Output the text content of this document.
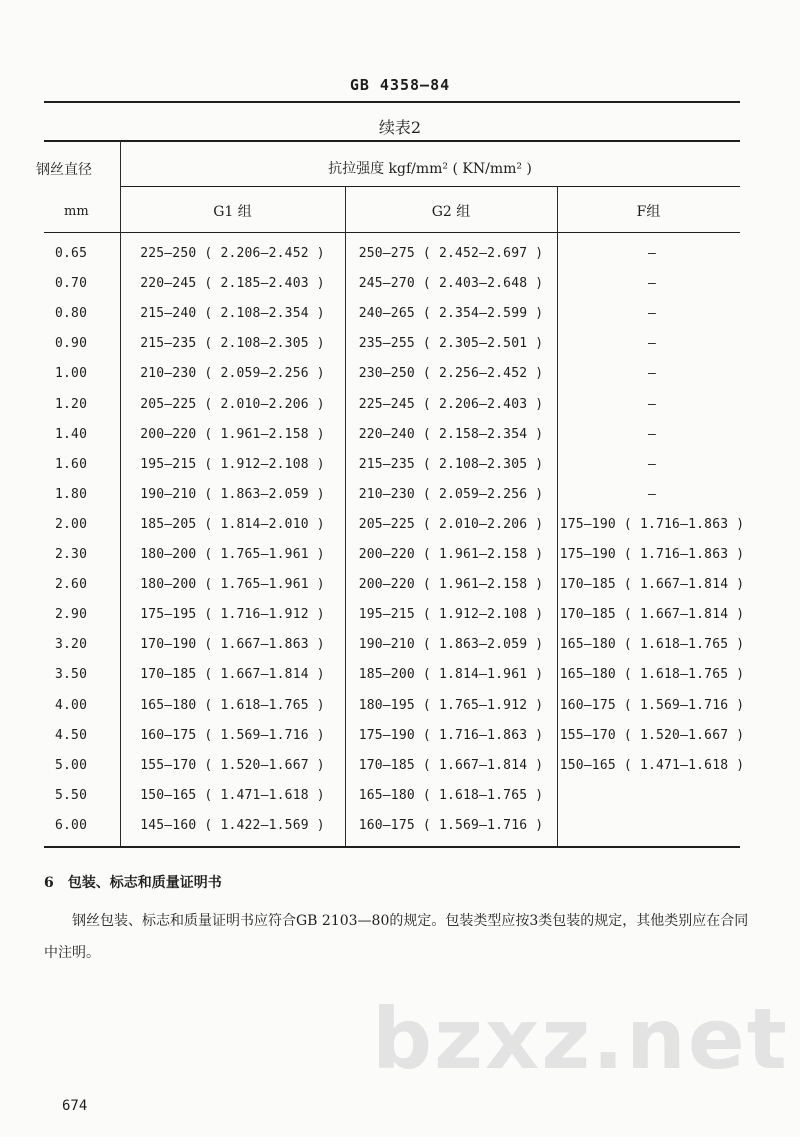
GB 4358—84
续表2
钢丝直径
mm
抗拉强度 kgf/mm² ( KN/mm² )
G1 组	G2 组	F组
0.65	225—250 ( 2.206—2.452 )	250—275 ( 2.452—2.697 )	—
0.70	220—245 ( 2.185—2.403 )	245—270 ( 2.403—2.648 )	—
0.80	215—240 ( 2.108—2.354 )	240—265 ( 2.354—2.599 )	—
0.90	215—235 ( 2.108—2.305 )	235—255 ( 2.305—2.501 )	—
1.00	210—230 ( 2.059—2.256 )	230—250 ( 2.256—2.452 )	—
1.20	205—225 ( 2.010—2.206 )	225—245 ( 2.206—2.403 )	—
1.40	200—220 ( 1.961—2.158 )	220—240 ( 2.158—2.354 )	—
1.60	195—215 ( 1.912—2.108 )	215—235 ( 2.108—2.305 )	—
1.80	190—210 ( 1.863—2.059 )	210—230 ( 2.059—2.256 )	—
2.00	185—205 ( 1.814—2.010 )	205—225 ( 2.010—2.206 )	175—190 ( 1.716—1.863 )
2.30	180—200 ( 1.765—1.961 )	200—220 ( 1.961—2.158 )	175—190 ( 1.716—1.863 )
2.60	180—200 ( 1.765—1.961 )	200—220 ( 1.961—2.158 )	170—185 ( 1.667—1.814 )
2.90	175—195 ( 1.716—1.912 )	195—215 ( 1.912—2.108 )	170—185 ( 1.667—1.814 )
3.20	170—190 ( 1.667—1.863 )	190—210 ( 1.863—2.059 )	165—180 ( 1.618—1.765 )
3.50	170—185 ( 1.667—1.814 )	185—200 ( 1.814—1.961 )	165—180 ( 1.618—1.765 )
4.00	165—180 ( 1.618—1.765 )	180—195 ( 1.765—1.912 )	160—175 ( 1.569—1.716 )
4.50	160—175 ( 1.569—1.716 )	175—190 ( 1.716—1.863 )	155—170 ( 1.520—1.667 )
5.00	155—170 ( 1.520—1.667 )	170—185 ( 1.667—1.814 )	150—165 ( 1.471—1.618 )
5.50	150—165 ( 1.471—1.618 )	165—180 ( 1.618—1.765 )
6.00	145—160 ( 1.422—1.569 )	160—175 ( 1.569—1.716 )
6　包装、标志和质量证明书
钢丝包装、标志和质量证明书应符合GB 2103—80的规定。包装类型应按3类包装的规定，其他类别应在合同中注明。
bzxz.net
674
